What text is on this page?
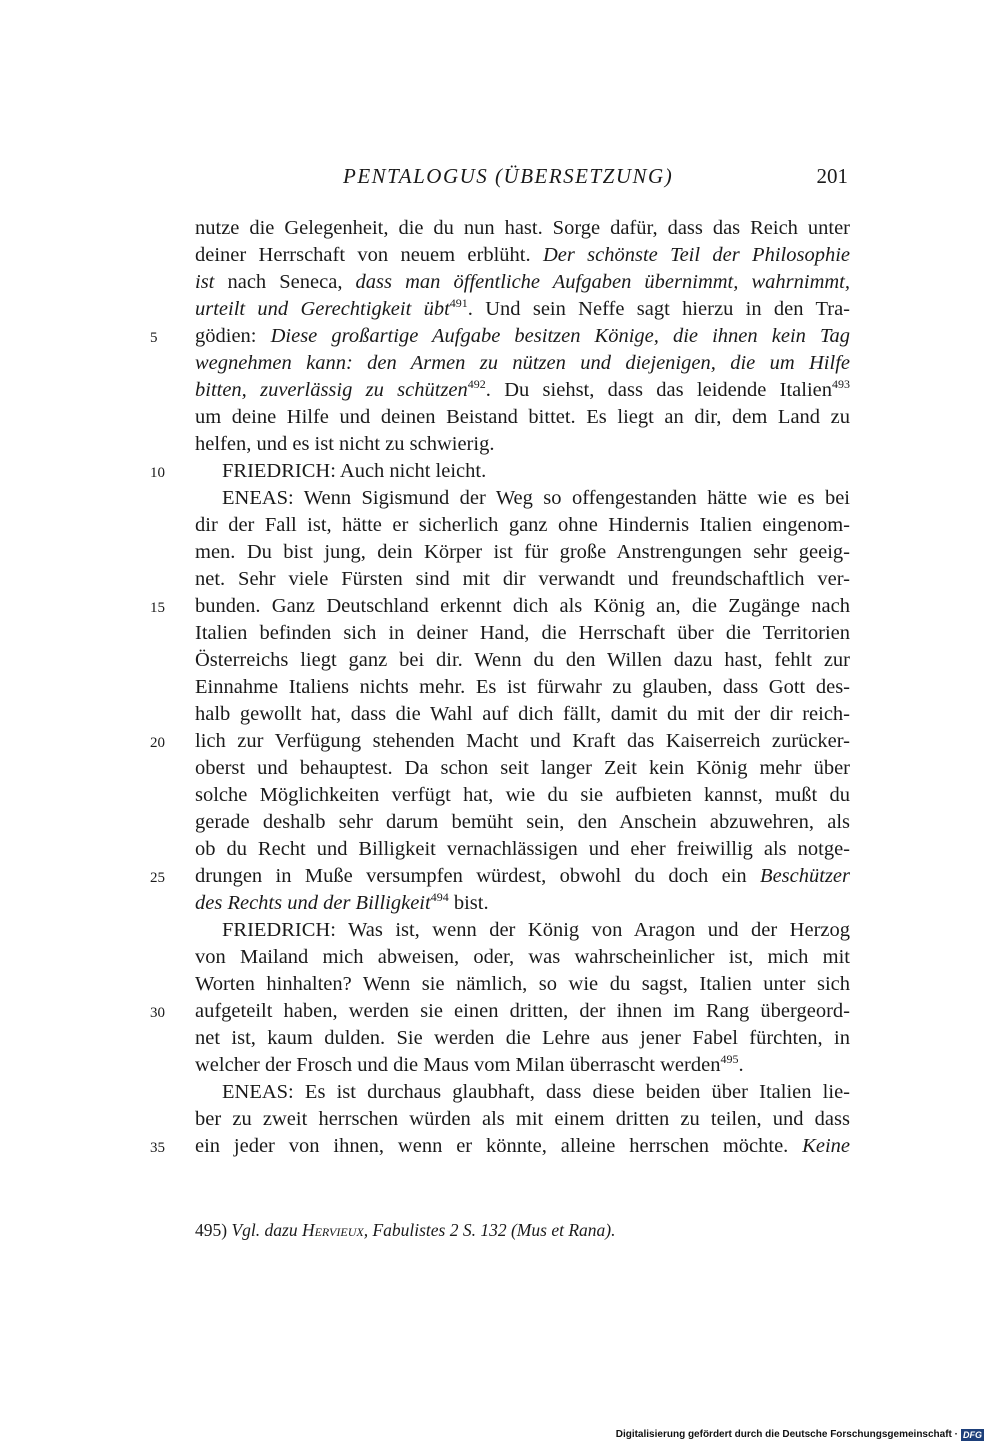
PENTALOGUS (ÜBERSETZUNG)	201
nutze die Gelegenheit, die du nun hast. Sorge dafür, dass das Reich unter
deiner Herrschaft von neuem erblüht. Der schönste Teil der Philosophie
ist nach Seneca, dass man öffentliche Aufgaben übernimmt, wahrnimmt,
urteilt und Gerechtigkeit übt$^{491}$. Und sein Neffe sagt hierzu in den Tra-
gödien: Diese großartige Aufgabe besitzen Könige, die ihnen kein Tag
wegnehmen kann: den Armen zu nützen und diejenigen, die um Hilfe
bitten, zuverlässig zu schützen$^{492}$. Du siehst, dass das leidende Italien$^{493}$
um deine Hilfe und deinen Beistand bittet. Es liegt an dir, dem Land zu
helfen, und es ist nicht zu schwierig.
FRIEDRICH: Auch nicht leicht.
ENEAS: Wenn Sigismund der Weg so offengestanden hätte wie es bei
dir der Fall ist, hätte er sicherlich ganz ohne Hindernis Italien eingenom-
men. Du bist jung, dein Körper ist für große Anstrengungen sehr geeig-
net. Sehr viele Fürsten sind mit dir verwandt und freundschaftlich ver-
bunden. Ganz Deutschland erkennt dich als König an, die Zugänge nach
Italien befinden sich in deiner Hand, die Herrschaft über die Territorien
Österreichs liegt ganz bei dir. Wenn du den Willen dazu hast, fehlt zur
Einnahme Italiens nichts mehr. Es ist fürwahr zu glauben, dass Gott des-
halb gewollt hat, dass die Wahl auf dich fällt, damit du mit der dir reich-
lich zur Verfügung stehenden Macht und Kraft das Kaiserreich zurücker-
oberst und behauptest. Da schon seit langer Zeit kein König mehr über
solche Möglichkeiten verfügt hat, wie du sie aufbieten kannst, mußt du
gerade deshalb sehr darum bemüht sein, den Anschein abzuwehren, als
ob du Recht und Billigkeit vernachlässigen und eher freiwillig als notge-
drungen in Muße versumpfen würdest, obwohl du doch ein Beschützer
des Rechts und der Billigkeit$^{494}$ bist.
FRIEDRICH: Was ist, wenn der König von Aragon und der Herzog
von Mailand mich abweisen, oder, was wahrscheinlicher ist, mich mit
Worten hinhalten? Wenn sie nämlich, so wie du sagst, Italien unter sich
aufgeteilt haben, werden sie einen dritten, der ihnen im Rang übergeord-
net ist, kaum dulden. Sie werden die Lehre aus jener Fabel fürchten, in
welcher der Frosch und die Maus vom Milan überrascht werden$^{495}$.
ENEAS: Es ist durchaus glaubhaft, dass diese beiden über Italien lie-
ber zu zweit herrschen würden als mit einem dritten zu teilen, und dass
ein jeder von ihnen, wenn er könnte, alleine herrschen möchte. Keine
5
10
15
20
25
30
35
495) Vgl. dazu Hervieux, Fabulistes 2 S. 132 (Mus et Rana).
Digitalisierung gefördert durch die Deutsche Forschungsgemeinschaft · DFG
